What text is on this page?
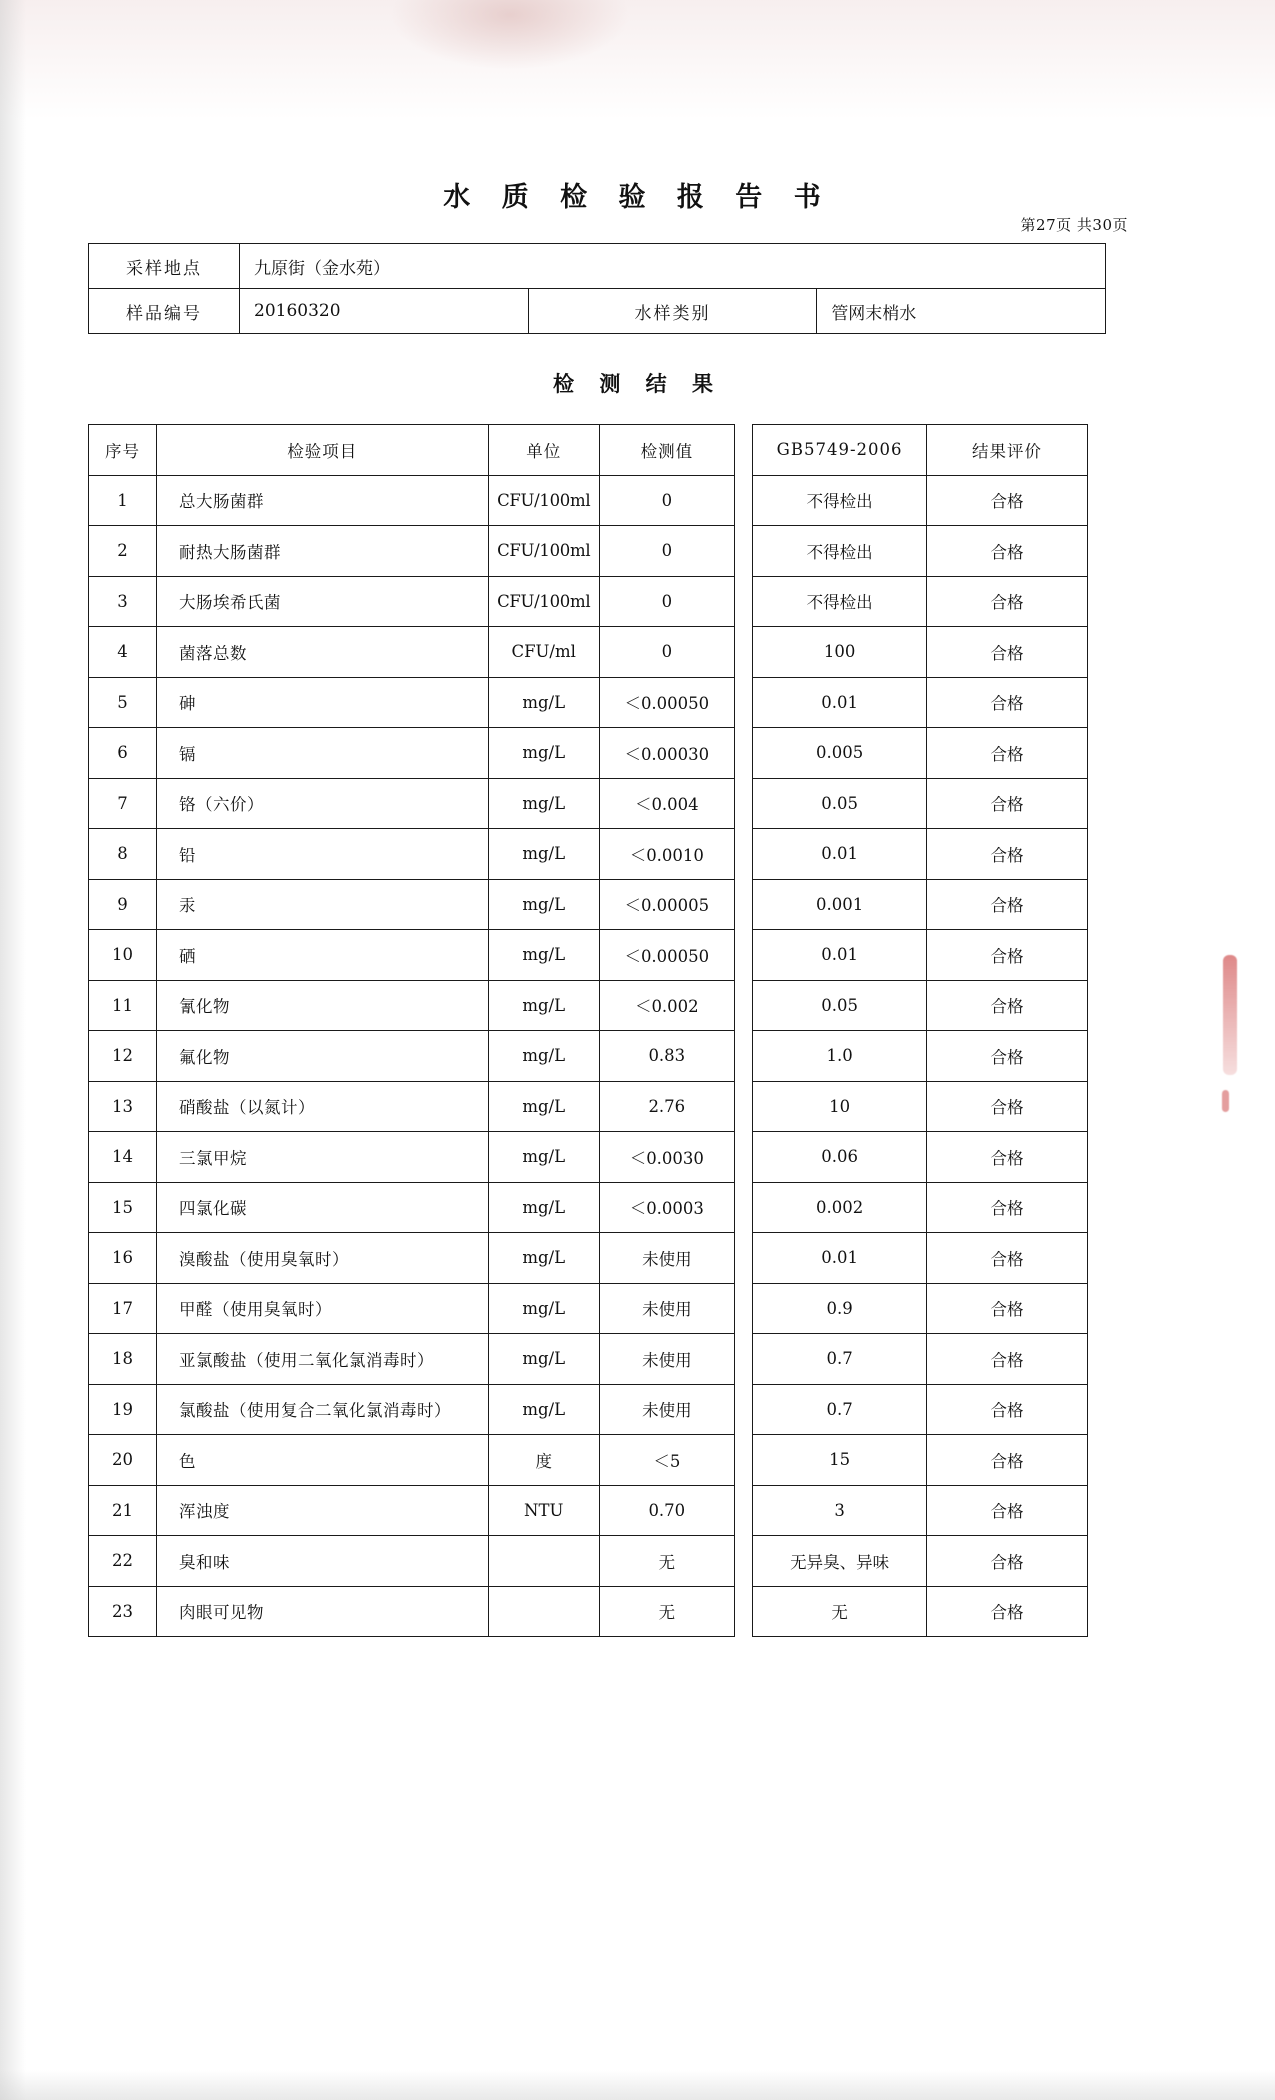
水 质 检 验 报 告 书
第27页 共30页
采样地点	九原街（金水苑）		
样品编号	20160320	水样类别	管网末梢水
检 测 结 果
序号	检验项目	单位	检测值		GB5749-2006	结果评价
1	总大肠菌群	CFU/100ml	0		不得检出	合格
2	耐热大肠菌群	CFU/100ml	0		不得检出	合格
3	大肠埃希氏菌	CFU/100ml	0		不得检出	合格
4	菌落总数	CFU/ml	0		100	合格
5	砷	mg/L	＜0.00050		0.01	合格
6	镉	mg/L	＜0.00030		0.005	合格
7	铬（六价）	mg/L	＜0.004		0.05	合格
8	铅	mg/L	＜0.0010		0.01	合格
9	汞	mg/L	＜0.00005		0.001	合格
10	硒	mg/L	＜0.00050		0.01	合格
11	氰化物	mg/L	＜0.002		0.05	合格
12	氟化物	mg/L	0.83		1.0	合格
13	硝酸盐（以氮计）	mg/L	2.76		10	合格
14	三氯甲烷	mg/L	＜0.0030		0.06	合格
15	四氯化碳	mg/L	＜0.0003		0.002	合格
16	溴酸盐（使用臭氧时）	mg/L	未使用		0.01	合格
17	甲醛（使用臭氧时）	mg/L	未使用		0.9	合格
18	亚氯酸盐（使用二氧化氯消毒时）	mg/L	未使用		0.7	合格
19	氯酸盐（使用复合二氧化氯消毒时）	mg/L	未使用		0.7	合格
20	色	度	＜5		15	合格
21	浑浊度	NTU	0.70		3	合格
22	臭和味		无		无异臭、异味	合格
23	肉眼可见物		无		无	合格
